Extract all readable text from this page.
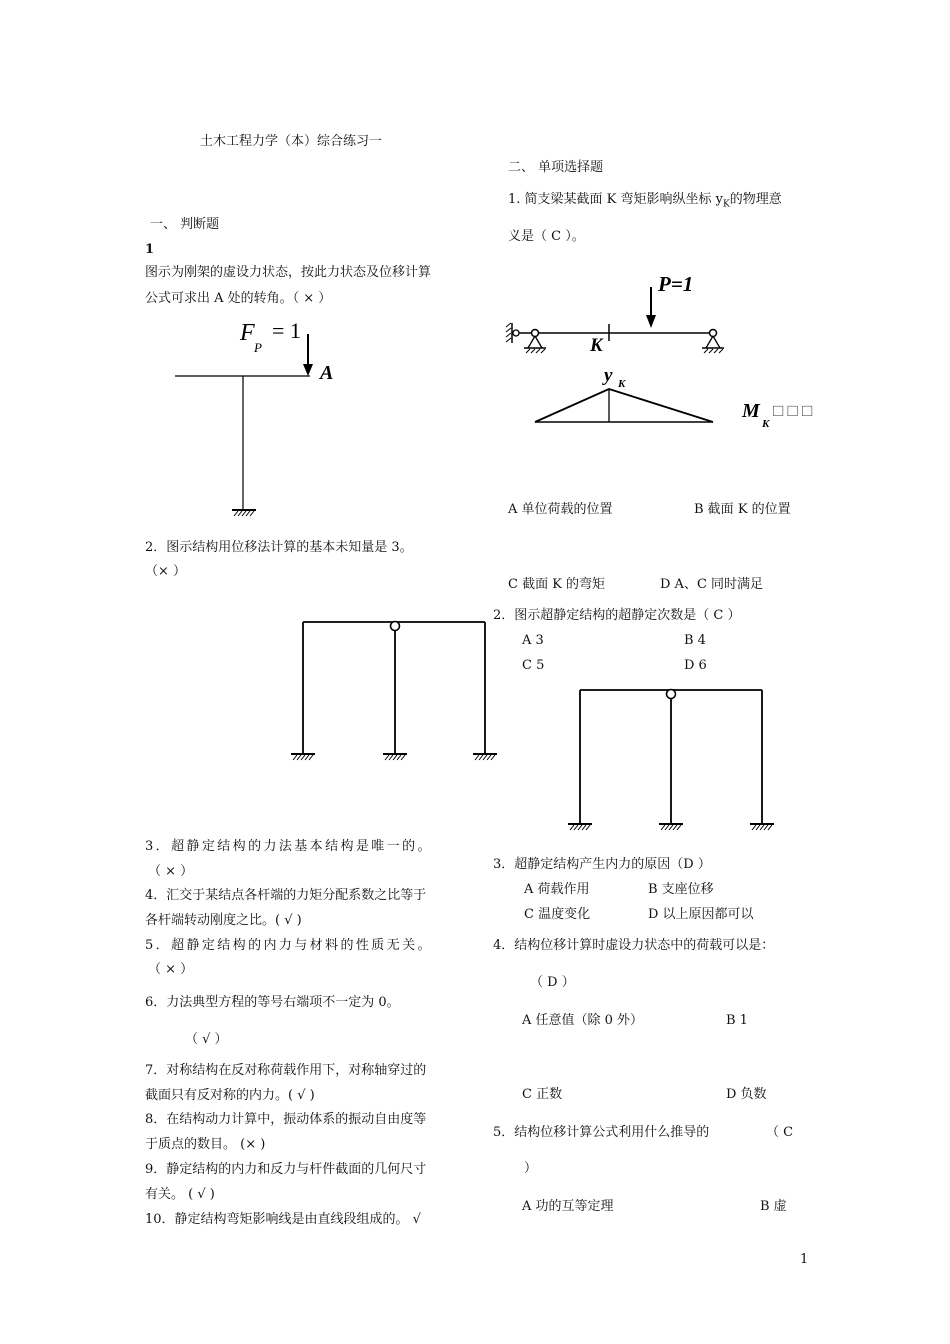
土木工程力学（本）综合练习一
一、 判断题
1
图示为刚架的虚设力状态，按此力状态及位移计算
公式可求出 A 处的转角。（ × ）
F
P
= 1
A
2．图示结构用位移法计算的基本未知量是 3。
（× ）
3．超静定结构的力法基本结构是唯一的。
（ × ）
4．汇交于某结点各杆端的力矩分配系数之比等于
各杆端转动刚度之比。( √ )
5．超静定结构的内力与材料的性质无关。
（ × ）
6．力法典型方程的等号右端项不一定为 0。
（ √ ）
7．对称结构在反对称荷载作用下，对称轴穿过的
截面只有反对称的内力。( √ )
8．在结构动力计算中，振动体系的振动自由度等
于质点的数目。 (× )
9．静定结构的内力和反力与杆件截面的几何尺寸
有关。 ( √ )
10．静定结构弯矩影响线是由直线段组成的。 √
二、 单项选择题
1. 简支梁某截面 K 弯矩影响纵坐标 $y_K$的物理意
义是（ C ）。
P=1
K
y K
M
K
□ □ □
A 单位荷载的位置	B 截面 K 的位置
C 截面 K 的弯矩	D A、C 同时满足
2．图示超静定结构的超静定次数是（ C ）
A 3	B 4
C 5	D 6
3．超静定结构产生内力的原因（D ）
A 荷载作用	B 支座位移
C 温度变化	D 以上原因都可以
4．结构位移计算时虚设力状态中的荷载可以是：
（ D ）
A 任意值（除 0 外）	B 1
C 正数	D 负数
5．结构位移计算公式利用什么推导的	（ C
）
A 功的互等定理	B 虚
1
